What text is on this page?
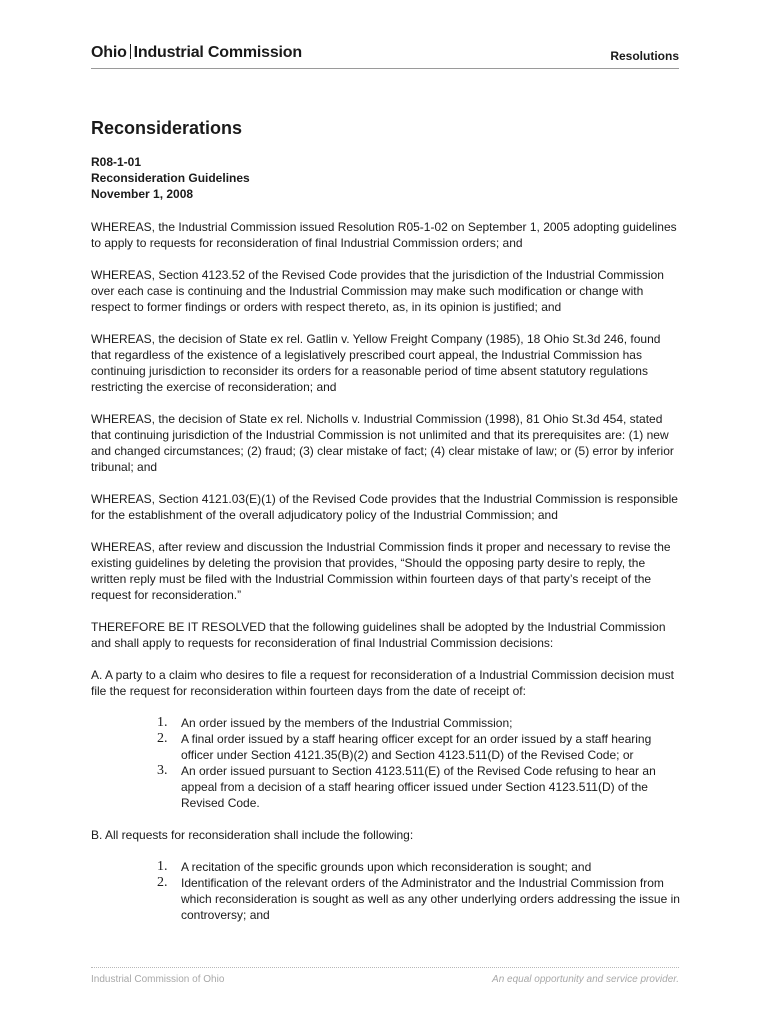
Ohio Industrial Commission	Resolutions
Reconsiderations
R08-1-01
Reconsideration Guidelines
November 1, 2008

WHEREAS, the Industrial Commission issued Resolution R05-1-02 on September 1, 2005 adopting guidelines to apply to requests for reconsideration of final Industrial Commission orders; and

WHEREAS, Section 4123.52 of the Revised Code provides that the jurisdiction of the Industrial Commission over each case is continuing and the Industrial Commission may make such modification or change with respect to former findings or orders with respect thereto, as, in its opinion is justified; and

WHEREAS, the decision of State ex rel. Gatlin v. Yellow Freight Company (1985), 18 Ohio St.3d 246, found that regardless of the existence of a legislatively prescribed court appeal, the Industrial Commission has continuing jurisdiction to reconsider its orders for a reasonable period of time absent statutory regulations restricting the exercise of reconsideration; and

WHEREAS, the decision of State ex rel. Nicholls v. Industrial Commission (1998), 81 Ohio St.3d 454, stated that continuing jurisdiction of the Industrial Commission is not unlimited and that its prerequisites are: (1) new and changed circumstances; (2) fraud; (3) clear mistake of fact; (4) clear mistake of law; or (5) error by inferior tribunal; and

WHEREAS, Section 4121.03(E)(1) of the Revised Code provides that the Industrial Commission is responsible for the establishment of the overall adjudicatory policy of the Industrial Commission; and

WHEREAS, after review and discussion the Industrial Commission finds it proper and necessary to revise the existing guidelines by deleting the provision that provides, “Should the opposing party desire to reply, the written reply must be filed with the Industrial Commission within fourteen days of that party’s receipt of the request for reconsideration.”

THEREFORE BE IT RESOLVED that the following guidelines shall be adopted by the Industrial Commission and shall apply to requests for reconsideration of final Industrial Commission decisions:

A. A party to a claim who desires to file a request for reconsideration of a Industrial Commission decision must file the request for reconsideration within fourteen days from the date of receipt of:

1. An order issued by the members of the Industrial Commission;
2. A final order issued by a staff hearing officer except for an order issued by a staff hearing officer under Section 4121.35(B)(2) and Section 4123.511(D) of the Revised Code; or
3. An order issued pursuant to Section 4123.511(E) of the Revised Code refusing to hear an appeal from a decision of a staff hearing officer issued under Section 4123.511(D) of the Revised Code.

B. All requests for reconsideration shall include the following:

1. A recitation of the specific grounds upon which reconsideration is sought; and
2. Identification of the relevant orders of the Administrator and the Industrial Commission from which reconsideration is sought as well as any other underlying orders addressing the issue in controversy; and
Industrial Commission of Ohio	An equal opportunity and service provider.
